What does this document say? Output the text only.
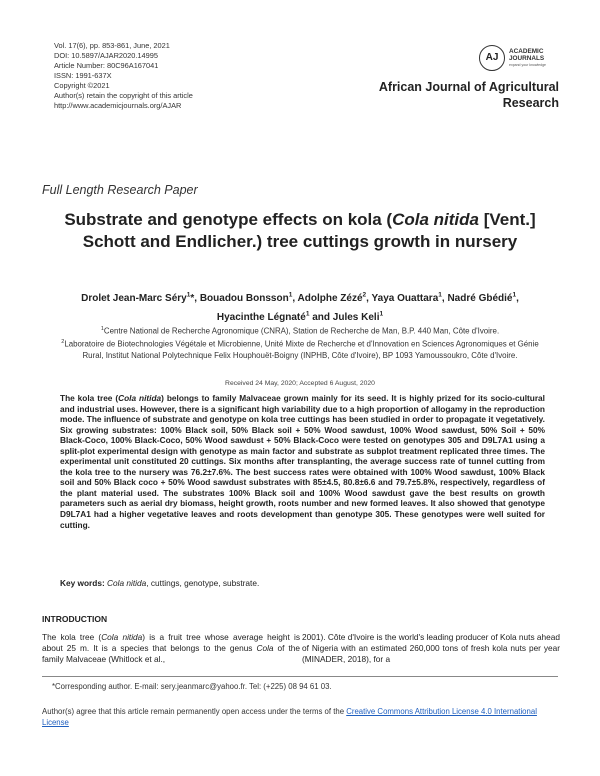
Vol. 17(6), pp. 853-861, June, 2021
DOI: 10.5897/AJAR2020.14995
Article Number: 80C96A167041
ISSN: 1991-637X
Copyright ©2021
Author(s) retain the copyright of this article
http://www.academicjournals.org/AJAR
AJ
ACADEMIC
JOURNALS
expand your knowledge
African Journal of Agricultural
Research
Full Length Research Paper
Substrate and genotype effects on kola (Cola nitida [Vent.] Schott and Endlicher.) tree cuttings growth in nursery
Drolet Jean-Marc Séry$^1$*, Bouadou Bonsson$^1$, Adolphe Zézé$^2$, Yaya Ouattara$^1$, Nadré Gbédié$^1$,
Hyacinthe Légnaté$^1$ and Jules Keli$^1$
$^1$Centre National de Recherche Agronomique (CNRA), Station de Recherche de Man, B.P. 440 Man, Côte d'Ivoire.
$^2$Laboratoire de Biotechnologies Végétale et Microbienne, Unité Mixte de Recherche et d'Innovation en Sciences Agronomiques et Génie Rural, Institut National Polytechnique Felix Houphouët-Boigny (INPHB, Côte d'Ivoire), BP 1093 Yamoussoukro, Côte d'Ivoire.
Received 24 May, 2020; Accepted 6 August, 2020
The kola tree (Cola nitida) belongs to family Malvaceae grown mainly for its seed. It is highly prized for its socio-cultural and industrial uses. However, there is a significant high variability due to a high proportion of allogamy in the reproduction mode. The influence of substrate and genotype on kola tree cuttings has been studied in order to propagate it vegetatively. Six growing substrates: 100% Black soil, 50% Black soil + 50% Wood sawdust, 100% Wood sawdust, 50% Soil + 50% Black-Coco, 100% Black-Coco, 50% Wood sawdust + 50% Black-Coco were tested on genotypes 305 and D9L7A1 using a split-plot experimental design with genotype as main factor and substrate as subplot treatment replicated three times. The experimental unit constituted 20 cuttings. Six months after transplanting, the average success rate of tunnel cutting from the kola tree to the nursery was 76.2±7.6%. The best success rates were obtained with 100% Wood sawdust, 100% Black soil and 50% Black coco + 50% Wood sawdust substrates with 85±4.5, 80.8±6.6 and 79.7±5.8%, respectively, regardless of the plant material used. The substrates 100% Black soil and 100% Wood sawdust gave the best results on growth parameters such as aerial dry biomass, height growth, roots number and new formed leaves. It also showed that genotype D9L7A1 had a higher vegetative leaves and roots development than genotype 305. These genotypes were well suited for cutting.
Key words: Cola nitida, cuttings, genotype, substrate.
INTRODUCTION
The kola tree (Cola nitida) is a fruit tree whose average height is about 25 m. It is a species that belongs to the genus Cola of the family Malvaceae (Whitlock et al.,
2001). Côte d'Ivoire is the world's leading producer of Kola nuts ahead of Nigeria with an estimated 260,000 tons of fresh kola nuts per year (MINADER, 2018), for a
*Corresponding author. E-mail: sery.jeanmarc@yahoo.fr. Tel: (+225) 08 94 61 03.
Author(s) agree that this article remain permanently open access under the terms of the Creative Commons Attribution License 4.0 International License
